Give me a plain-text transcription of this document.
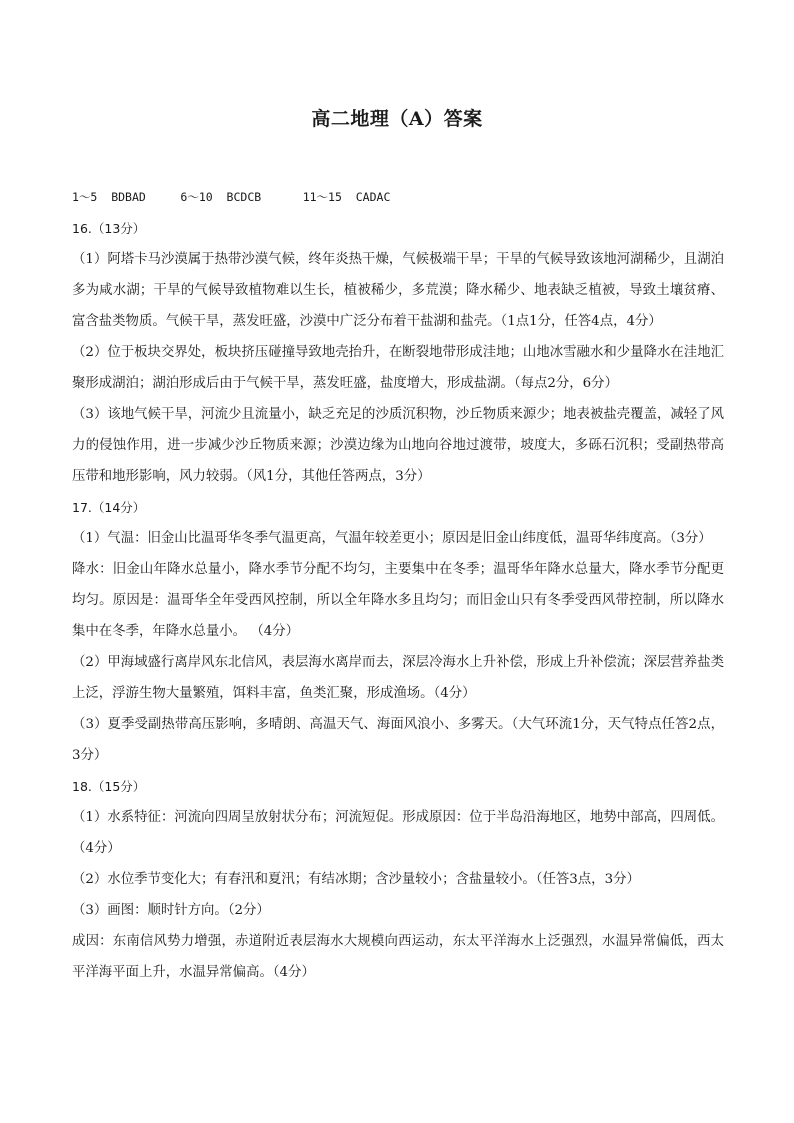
高二地理（A）答案

1～5  BDBAD     6～10  BCDCB      11～15  CADAC

16.（13分）

（1）阿塔卡马沙漠属于热带沙漠气候，终年炎热干燥，气候极端干旱；干旱的气候导致该地河湖稀少，且湖泊多为咸水湖；干旱的气候导致植物难以生长，植被稀少，多荒漠；降水稀少、地表缺乏植被，导致土壤贫瘠、富含盐类物质。气候干旱，蒸发旺盛，沙漠中广泛分布着干盐湖和盐壳。（1点1分，任答4点，4分）

（2）位于板块交界处，板块挤压碰撞导致地壳抬升，在断裂地带形成洼地；山地冰雪融水和少量降水在洼地汇聚形成湖泊；湖泊形成后由于气候干旱，蒸发旺盛，盐度增大，形成盐湖。（每点2分，6分）

（3）该地气候干旱，河流少且流量小，缺乏充足的沙质沉积物，沙丘物质来源少；地表被盐壳覆盖，减轻了风力的侵蚀作用，进一步减少沙丘物质来源；沙漠边缘为山地向谷地过渡带，坡度大，多砾石沉积；受副热带高压带和地形影响，风力较弱。（风1分，其他任答两点，3分）

17.（14分）

（1）气温：旧金山比温哥华冬季气温更高，气温年较差更小；原因是旧金山纬度低，温哥华纬度高。（3分）

降水：旧金山年降水总量小，降水季节分配不均匀，主要集中在冬季；温哥华年降水总量大，降水季节分配更均匀。原因是：温哥华全年受西风控制，所以全年降水多且均匀；而旧金山只有冬季受西风带控制，所以降水集中在冬季，年降水总量小。 （4分）

（2）甲海域盛行离岸风东北信风，表层海水离岸而去，深层冷海水上升补偿，形成上升补偿流；深层营养盐类上泛，浮游生物大量繁殖，饵料丰富，鱼类汇聚，形成渔场。（4分）

（3）夏季受副热带高压影响，多晴朗、高温天气、海面风浪小、多雾天。（大气环流1分，天气特点任答2点，3分）

18.（15分）

（1）水系特征：河流向四周呈放射状分布；河流短促。形成原因：位于半岛沿海地区，地势中部高，四周低。（4分）

（2）水位季节变化大；有春汛和夏汛；有结冰期；含沙量较小；含盐量较小。（任答3点，3分）

（3）画图：顺时针方向。（2分）

成因：东南信风势力增强，赤道附近表层海水大规模向西运动，东太平洋海水上泛强烈，水温异常偏低，西太平洋海平面上升，水温异常偏高。（4分）
